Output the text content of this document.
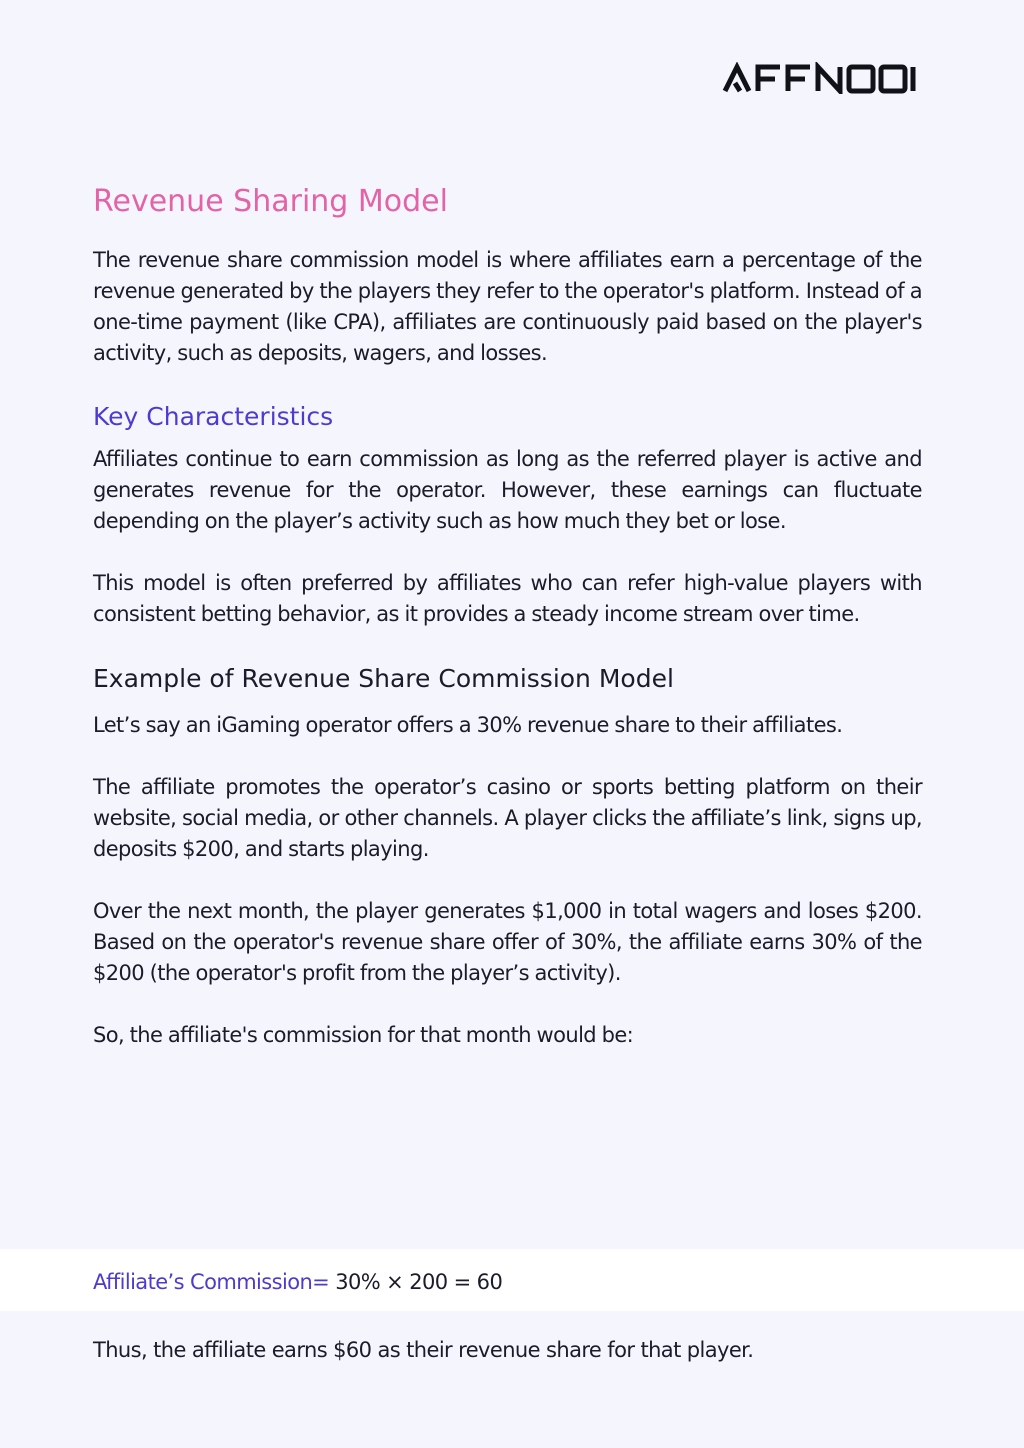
Revenue Sharing Model

The revenue share commission model is where affiliates earn a percentage of the revenue generated by the players they refer to the operator's platform. Instead of a one-time payment (like CPA), affiliates are continuously paid based on the player's activity, such as deposits, wagers, and losses.

Key Characteristics

Affiliates continue to earn commission as long as the referred player is active and generates revenue for the operator. However, these earnings can fluctuate depending on the player’s activity such as how much they bet or lose.

This model is often preferred by affiliates who can refer high-value players with consistent betting behavior, as it provides a steady income stream over time.

Example of Revenue Share Commission Model

Let’s say an iGaming operator offers a 30% revenue share to their affiliates.

The affiliate promotes the operator’s casino or sports betting platform on their website, social media, or other channels. A player clicks the affiliate’s link, signs up, deposits $200, and starts playing.

Over the next month, the player generates $1,000 in total wagers and loses $200. Based on the operator's revenue share offer of 30%, the affiliate earns 30% of the $200 (the operator's profit from the player’s activity).

So, the affiliate's commission for that month would be:

Affiliate’s Commission= 30% × 200 = 60
Thus, the affiliate earns $60 as their revenue share for that player.
